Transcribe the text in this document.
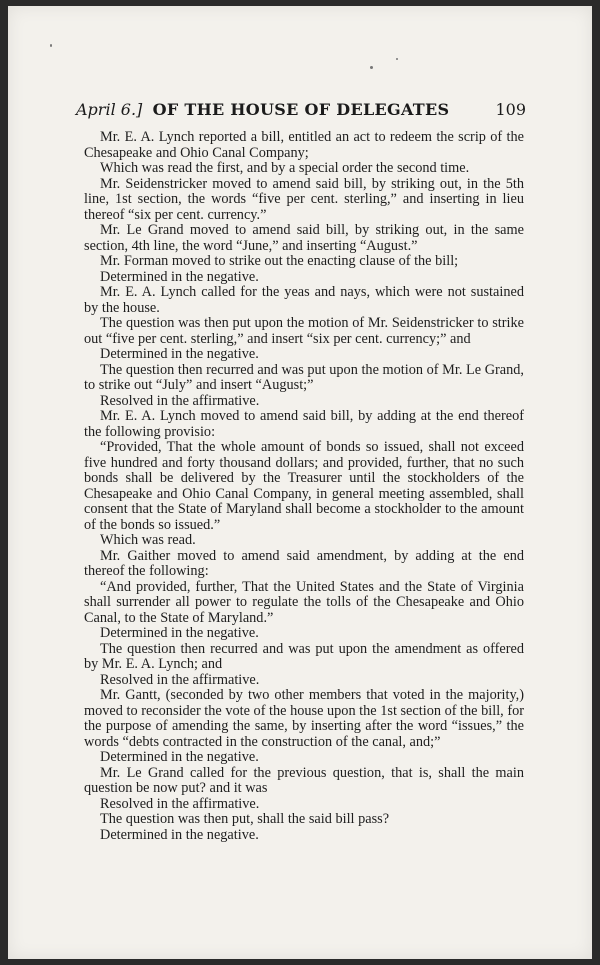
April 6.] OF THE HOUSE OF DELEGATES	109

Mr. E. A. Lynch reported a bill, entitled an act to redeem the scrip of the Chesapeake and Ohio Canal Company;

Which was read the first, and by a special order the second time.

Mr. Seidenstricker moved to amend said bill, by striking out, in the 5th line, 1st section, the words “five per cent. sterling,” and inserting in lieu thereof “six per cent. currency.”

Mr. Le Grand moved to amend said bill, by striking out, in the same section, 4th line, the word “June,” and inserting “August.”

Mr. Forman moved to strike out the enacting clause of the bill;

Determined in the negative.

Mr. E. A. Lynch called for the yeas and nays, which were not sustained by the house.

The question was then put upon the motion of Mr. Seidenstricker to strike out “five per cent. sterling,” and insert “six per cent. currency;” and

Determined in the negative.

The question then recurred and was put upon the motion of Mr. Le Grand, to strike out “July” and insert “August;”

Resolved in the affirmative.

Mr. E. A. Lynch moved to amend said bill, by adding at the end thereof the following provisio:

“Provided, That the whole amount of bonds so issued, shall not exceed five hundred and forty thousand dollars; and provided, further, that no such bonds shall be delivered by the Treasurer until the stockholders of the Chesapeake and Ohio Canal Company, in general meeting assembled, shall consent that the State of Maryland shall become a stockholder to the amount of the bonds so issued.”

Which was read.

Mr. Gaither moved to amend said amendment, by adding at the end thereof the following:

“And provided, further, That the United States and the State of Virginia shall surrender all power to regulate the tolls of the Chesapeake and Ohio Canal, to the State of Maryland.”

Determined in the negative.

The question then recurred and was put upon the amendment as offered by Mr. E. A. Lynch; and

Resolved in the affirmative.

Mr. Gantt, (seconded by two other members that voted in the majority,) moved to reconsider the vote of the house upon the 1st section of the bill, for the purpose of amending the same, by inserting after the word “issues,” the words “debts contracted in the construction of the canal, and;”

Determined in the negative.

Mr. Le Grand called for the previous question, that is, shall the main question be now put? and it was

Resolved in the affirmative.

The question was then put, shall the said bill pass?

Determined in the negative.
